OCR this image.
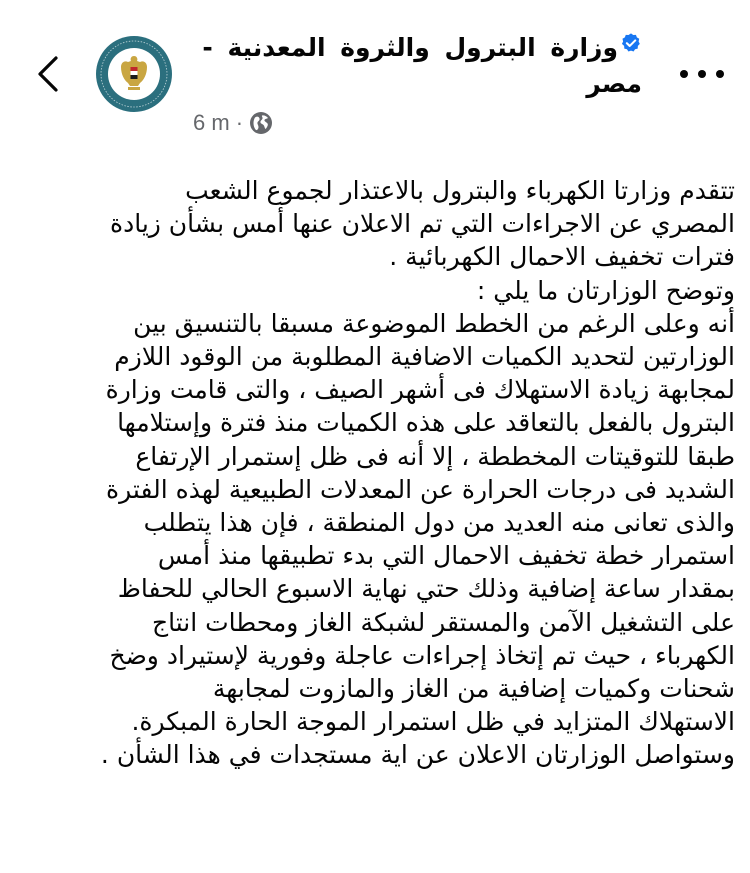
وزارة البترول والثروة المعدنية - مصر
6 m ·
تتقدم وزارتا الكهرباء والبترول بالاعتذار لجموع الشعب
المصري عن الاجراءات التي تم الاعلان عنها أمس بشأن زيادة
فترات تخفيف الاحمال الكهربائية .
وتوضح الوزارتان ما يلي :
أنه وعلى الرغم من الخطط الموضوعة مسبقا بالتنسيق بين
الوزارتين لتحديد الكميات الاضافية المطلوبة من الوقود اللازم
لمجابهة زيادة الاستهلاك فى أشهر الصيف ، والتى قامت وزارة
البترول بالفعل بالتعاقد على هذه الكميات منذ فترة وإستلامها
طبقا للتوقيتات المخططة ، إلا أنه فى ظل إستمرار الإرتفاع
الشديد فى درجات الحرارة عن المعدلات الطبيعية لهذه الفترة
والذى تعانى منه العديد من دول المنطقة ، فإن هذا يتطلب
استمرار خطة تخفيف الاحمال التي بدء تطبيقها منذ أمس
بمقدار ساعة إضافية وذلك حتي نهاية الاسبوع الحالي للحفاظ
على التشغيل الآمن والمستقر لشبكة الغاز ومحطات انتاج
الكهرباء ، حيث تم إتخاذ إجراءات عاجلة وفورية لإستيراد وضخ
شحنات وكميات إضافية من الغاز والمازوت لمجابهة
الاستهلاك المتزايد في ظل استمرار الموجة الحارة المبكرة.
وستواصل الوزارتان الاعلان عن اية مستجدات في هذا الشأن .
